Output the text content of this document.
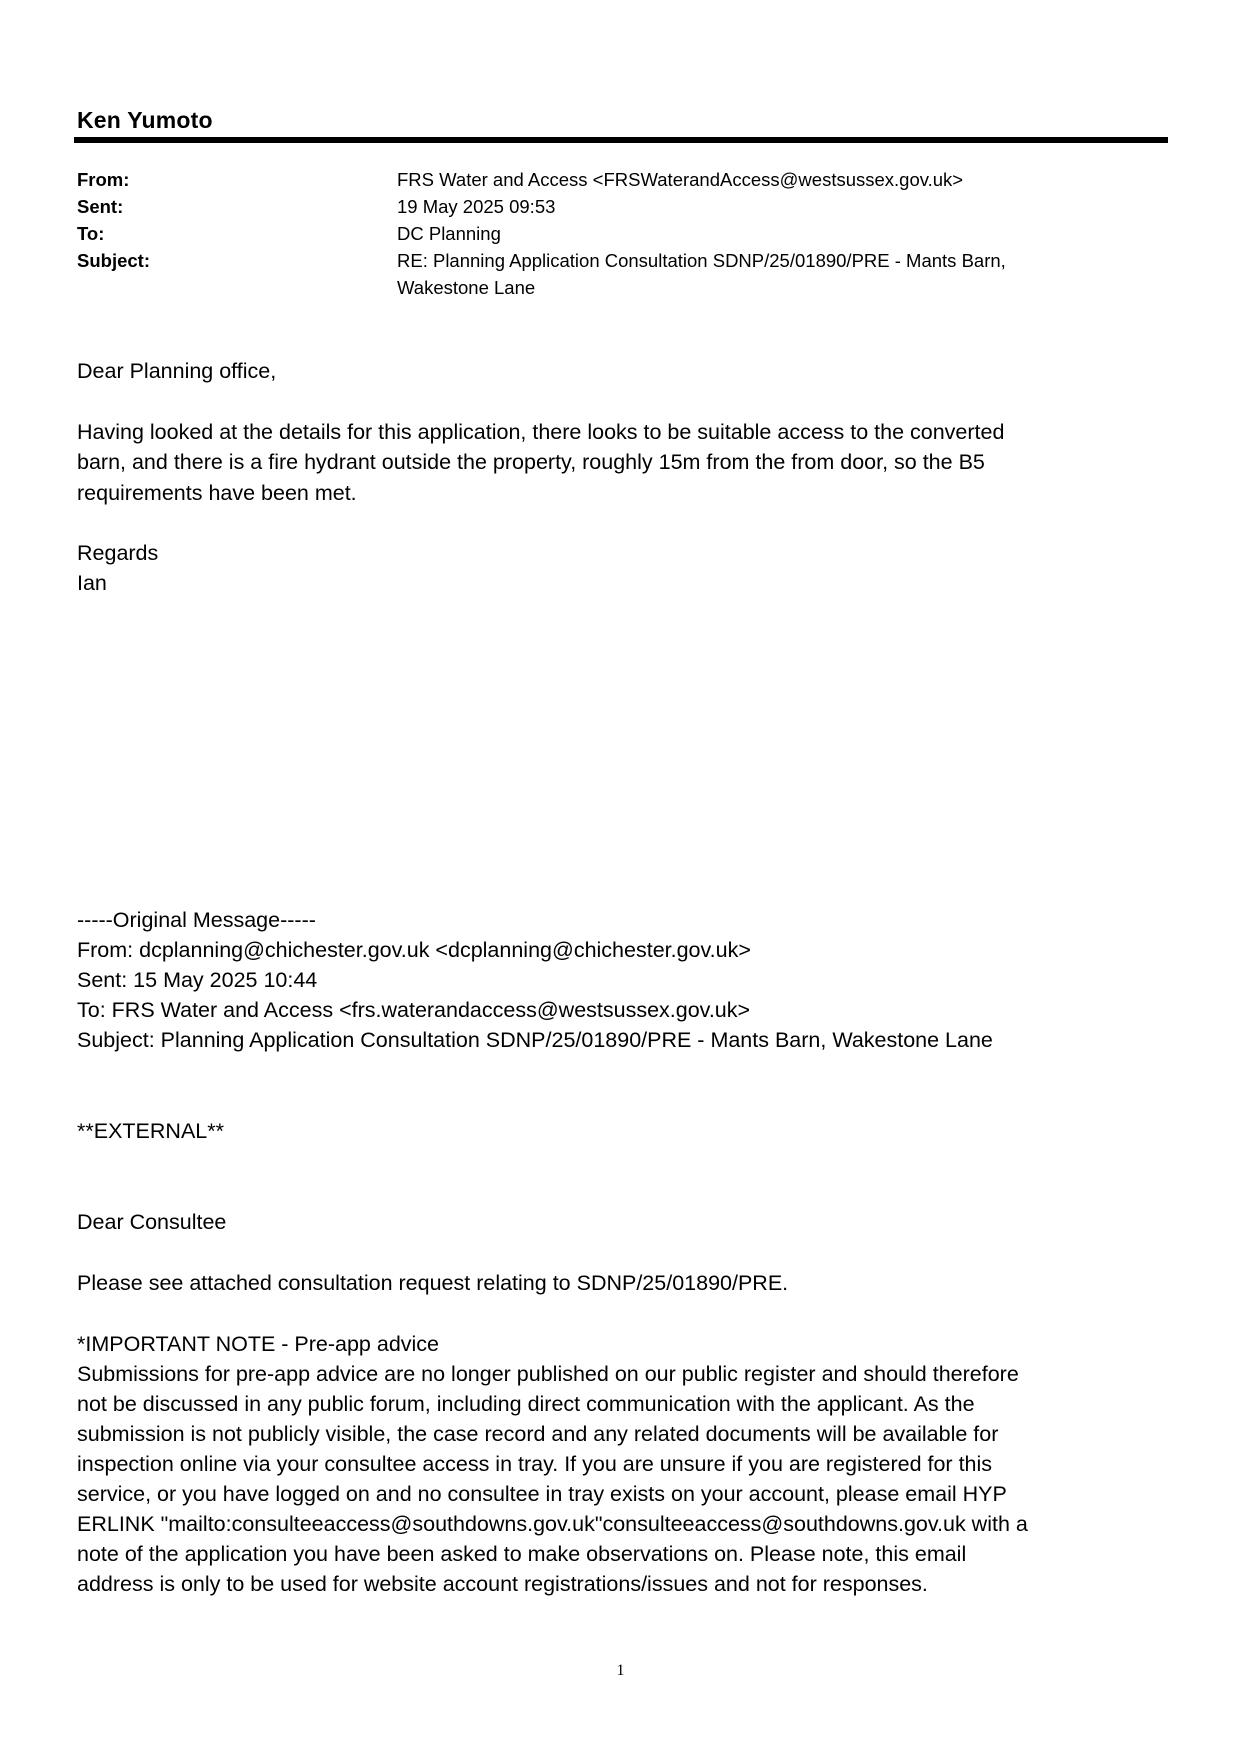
Ken Yumoto
From:	FRS Water and Access <FRSWaterandAccess@westsussex.gov.uk>
Sent:	19 May 2025 09:53
To:	DC Planning
Subject:	RE: Planning Application Consultation SDNP/25/01890/PRE - Mants Barn,
Wakestone Lane
Dear Planning office,
Having looked at the details for this application, there looks to be suitable access to the converted
barn, and there is a fire hydrant outside the property, roughly 15m from the from door, so the B5
requirements have been met.
Regards
Ian
-----Original Message-----
From: dcplanning@chichester.gov.uk <dcplanning@chichester.gov.uk>
Sent: 15 May 2025 10:44
To: FRS Water and Access <frs.waterandaccess@westsussex.gov.uk>
Subject: Planning Application Consultation SDNP/25/01890/PRE - Mants Barn, Wakestone Lane
**EXTERNAL**
Dear Consultee
Please see attached consultation request relating to SDNP/25/01890/PRE.
*IMPORTANT NOTE - Pre-app advice
Submissions for pre-app advice are no longer published on our public register and should therefore
not be discussed in any public forum, including direct communication with the applicant. As the
submission is not publicly visible, the case record and any related documents will be available for
inspection online via your consultee access in tray. If you are unsure if you are registered for this
service, or you have logged on and no consultee in tray exists on your account, please email HYP
ERLINK "mailto:consulteeaccess@southdowns.gov.uk"consulteeaccess@southdowns.gov.uk with a
note of the application you have been asked to make observations on. Please note, this email
address is only to be used for website account registrations/issues and not for responses.
1
